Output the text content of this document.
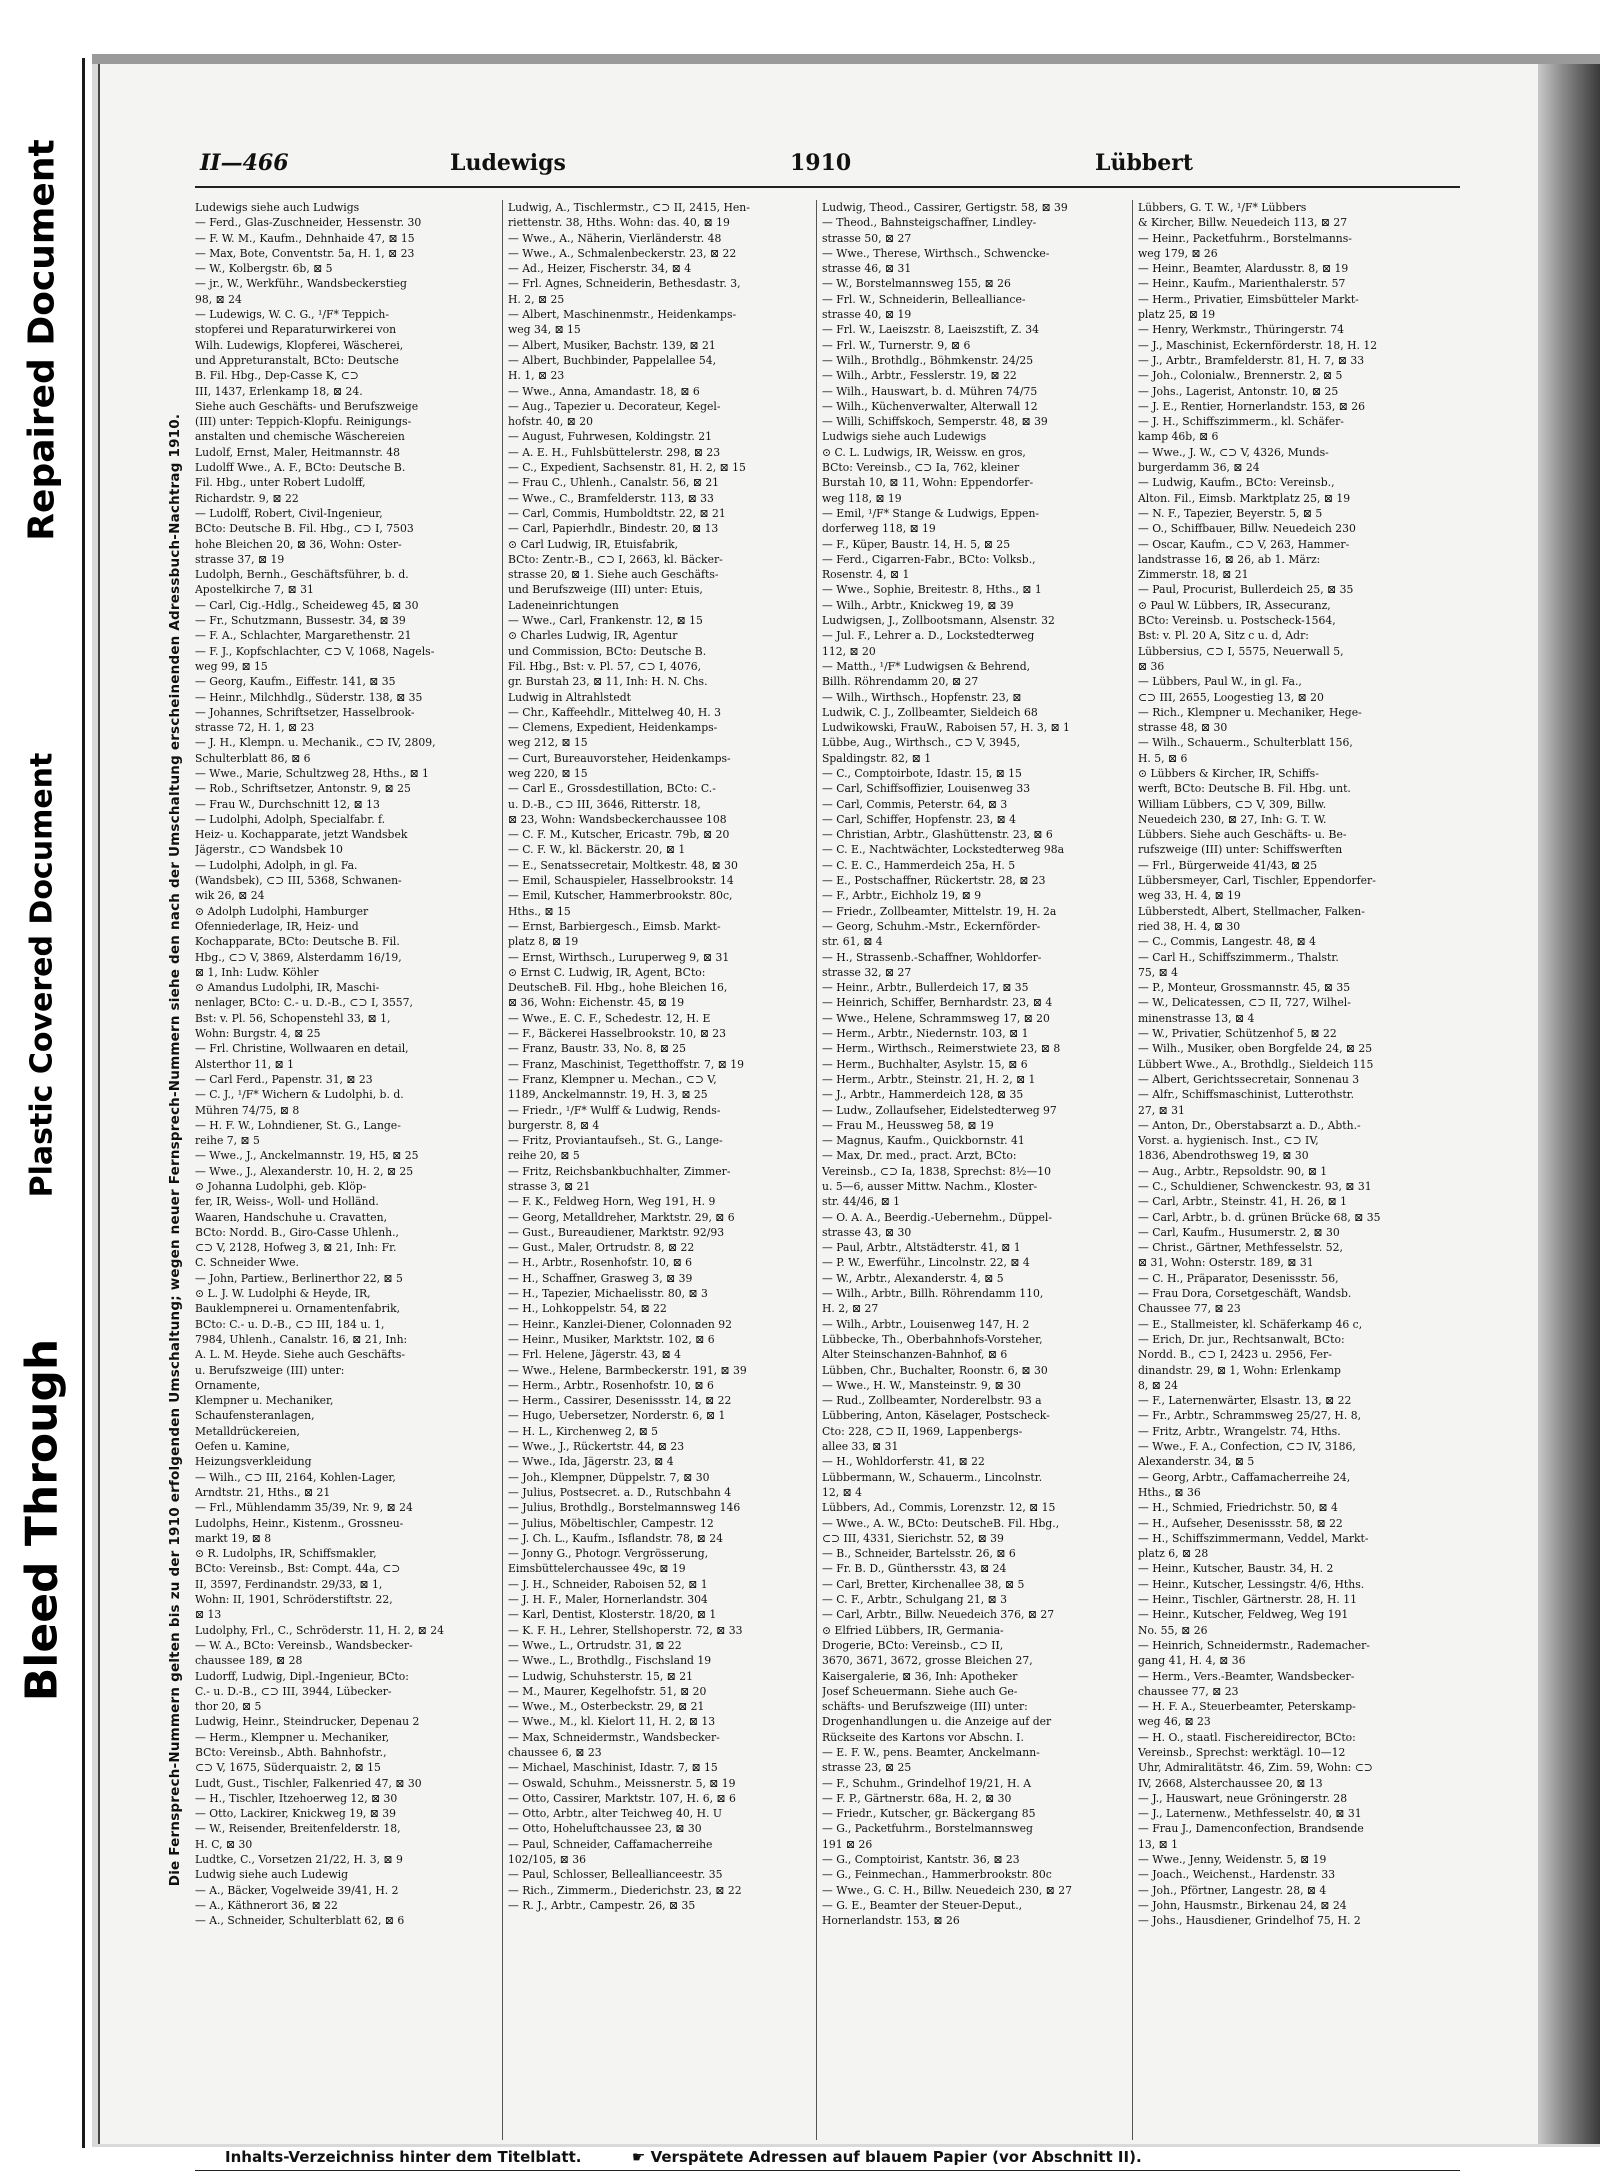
Repaired Document
Plastic Covered Document
Bleed Through
II—466	Ludewigs	1910	Lübbert
Die Fernsprech-Nummern gelten bis zu der 1910 erfolgenden Umschaltung; wegen neuer Fernsprech-Nummern siehe den nach der Umschaltung erscheinenden Adressbuch-Nachtrag 1910.
Ludewigs siehe auch Ludwigs
— Ferd., Glas-Zuschneider, Hessenstr. 30
— F. W. M., Kaufm., Dehnhaide 47, ⊠ 15
— Max, Bote, Conventstr. 5a, H. 1, ⊠ 23
— W., Kolbergstr. 6b, ⊠ 5
— jr., W., Werkführ., Wandsbeckerstieg
98, ⊠ 24
— Ludewigs, W. C. G., ¹/F* Teppich-
stopferei und Reparaturwirkerei von
Wilh. Ludewigs, Klopferei, Wäscherei,
und Appreturanstalt, BCto: Deutsche
B. Fil. Hbg., Dep-Casse K, ⊂⊃
III, 1437, Erlenkamp 18, ⊠ 24.
Siehe auch Geschäfts- und Berufszweige
(III) unter: Teppich-Klopfu. Reinigungs-
anstalten und chemische Wäschereien
Ludolf, Ernst, Maler, Heitmannstr. 48
Ludolff Wwe., A. F., BCto: Deutsche B.
Fil. Hbg., unter Robert Ludolff,
Richardstr. 9, ⊠ 22
— Ludolff, Robert, Civil-Ingenieur,
BCto: Deutsche B. Fil. Hbg., ⊂⊃ I, 7503
hohe Bleichen 20, ⊠ 36, Wohn: Oster-
strasse 37, ⊠ 19
Ludolph, Bernh., Geschäftsführer, b. d.
Apostelkirche 7, ⊠ 31
— Carl, Cig.-Hdlg., Scheideweg 45, ⊠ 30
— Fr., Schutzmann, Bussestr. 34, ⊠ 39
— F. A., Schlachter, Margarethenstr. 21
— F. J., Kopfschlachter, ⊂⊃ V, 1068, Nagels-
weg 99, ⊠ 15
— Georg, Kaufm., Eiffestr. 141, ⊠ 35
— Heinr., Milchhdlg., Süderstr. 138, ⊠ 35
— Johannes, Schriftsetzer, Hasselbrook-
strasse 72, H. 1, ⊠ 23
— J. H., Klempn. u. Mechanik., ⊂⊃ IV, 2809,
Schulterblatt 86, ⊠ 6
— Wwe., Marie, Schultzweg 28, Hths., ⊠ 1
— Rob., Schriftsetzer, Antonstr. 9, ⊠ 25
— Frau W., Durchschnitt 12, ⊠ 13
— Ludolphi, Adolph, Specialfabr. f.
Heiz- u. Kochapparate, jetzt Wandsbek
Jägerstr., ⊂⊃ Wandsbek 10
— Ludolphi, Adolph, in gl. Fa.
(Wandsbek), ⊂⊃ III, 5368, Schwanen-
wik 26, ⊠ 24
⊙ Adolph Ludolphi, Hamburger
Ofenniederlage, IR, Heiz- und
Kochapparate, BCto: Deutsche B. Fil.
Hbg., ⊂⊃ V, 3869, Alsterdamm 16/19,
⊠ 1, Inh: Ludw. Köhler
⊙ Amandus Ludolphi, IR, Maschi-
nenlager, BCto: C.- u. D.-B., ⊂⊃ I, 3557,
Bst: v. Pl. 56, Schopenstehl 33, ⊠ 1,
Wohn: Burgstr. 4, ⊠ 25
— Frl. Christine, Wollwaaren en detail,
Alsterthor 11, ⊠ 1
— Carl Ferd., Papenstr. 31, ⊠ 23
— C. J., ¹/F* Wichern & Ludolphi, b. d.
Mühren 74/75, ⊠ 8
— H. F. W., Lohndiener, St. G., Lange-
reihe 7, ⊠ 5
— Wwe., J., Anckelmannstr. 19, H5, ⊠ 25
— Wwe., J., Alexanderstr. 10, H. 2, ⊠ 25
⊙ Johanna Ludolphi, geb. Klöp-
fer, IR, Weiss-, Woll- und Holländ.
Waaren, Handschuhe u. Cravatten,
BCto: Nordd. B., Giro-Casse Uhlenh.,
⊂⊃ V, 2128, Hofweg 3, ⊠ 21, Inh: Fr.
C. Schneider Wwe.
— John, Partiew., Berlinerthor 22, ⊠ 5
⊙ L. J. W. Ludolphi & Heyde, IR,
Bauklempnerei u. Ornamentenfabrik,
BCto: C.- u. D.-B., ⊂⊃ III, 184 u. 1,
7984, Uhlenh., Canalstr. 16, ⊠ 21, Inh:
A. L. M. Heyde. Siehe auch Geschäfts-
u. Berufszweige (III) unter:
Ornamente,
Klempner u. Mechaniker,
Schaufensteranlagen,
Metalldrückereien,
Oefen u. Kamine,
Heizungsverkleidung
— Wilh., ⊂⊃ III, 2164, Kohlen-Lager,
Arndtstr. 21, Hths., ⊠ 21
— Frl., Mühlendamm 35/39, Nr. 9, ⊠ 24
Ludolphs, Heinr., Kistenm., Grossneu-
markt 19, ⊠ 8
⊙ R. Ludolphs, IR, Schiffsmakler,
BCto: Vereinsb., Bst: Compt. 44a, ⊂⊃
II, 3597, Ferdinandstr. 29/33, ⊠ 1,
Wohn: II, 1901, Schröderstiftstr. 22,
⊠ 13
Ludolphy, Frl., C., Schröderstr. 11, H. 2, ⊠ 24
— W. A., BCto: Vereinsb., Wandsbecker-
chaussee 189, ⊠ 28
Ludorff, Ludwig, Dipl.-Ingenieur, BCto:
C.- u. D.-B., ⊂⊃ III, 3944, Lübecker-
thor 20, ⊠ 5
Ludwig, Heinr., Steindrucker, Depenau 2
— Herm., Klempner u. Mechaniker,
BCto: Vereinsb., Abth. Bahnhofstr.,
⊂⊃ V, 1675, Süderquaistr. 2, ⊠ 15
Ludt, Gust., Tischler, Falkenried 47, ⊠ 30
— H., Tischler, Itzehoerweg 12, ⊠ 30
— Otto, Lackirer, Knickweg 19, ⊠ 39
— W., Reisender, Breitenfelderstr. 18,
H. C, ⊠ 30
Ludtke, C., Vorsetzen 21/22, H. 3, ⊠ 9
Ludwig siehe auch Ludewig
— A., Bäcker, Vogelweide 39/41, H. 2
— A., Käthnerort 36, ⊠ 22
— A., Schneider, Schulterblatt 62, ⊠ 6
Ludwig, A., Tischlermstr., ⊂⊃ II, 2415, Hen-
riettenstr. 38, Hths. Wohn: das. 40, ⊠ 19
— Wwe., A., Näherin, Vierländerstr. 48
— Wwe., A., Schmalenbeckerstr. 23, ⊠ 22
— Ad., Heizer, Fischerstr. 34, ⊠ 4
— Frl. Agnes, Schneiderin, Bethesdastr. 3,
H. 2, ⊠ 25
— Albert, Maschinenmstr., Heidenkamps-
weg 34, ⊠ 15
— Albert, Musiker, Bachstr. 139, ⊠ 21
— Albert, Buchbinder, Pappelallee 54,
H. 1, ⊠ 23
— Wwe., Anna, Amandastr. 18, ⊠ 6
— Aug., Tapezier u. Decorateur, Kegel-
hofstr. 40, ⊠ 20
— August, Fuhrwesen, Koldingstr. 21
— A. E. H., Fuhlsbüttelerstr. 298, ⊠ 23
— C., Expedient, Sachsenstr. 81, H. 2, ⊠ 15
— Frau C., Uhlenh., Canalstr. 56, ⊠ 21
— Wwe., C., Bramfelderstr. 113, ⊠ 33
— Carl, Commis, Humboldtstr. 22, ⊠ 21
— Carl, Papierhdlr., Bindestr. 20, ⊠ 13
⊙ Carl Ludwig, IR, Etuisfabrik,
BCto: Zentr.-B., ⊂⊃ I, 2663, kl. Bäcker-
strasse 20, ⊠ 1. Siehe auch Geschäfts-
und Berufszweige (III) unter: Etuis,
Ladeneinrichtungen
— Wwe., Carl, Frankenstr. 12, ⊠ 15
⊙ Charles Ludwig, IR, Agentur
und Commission, BCto: Deutsche B.
Fil. Hbg., Bst: v. Pl. 57, ⊂⊃ I, 4076,
gr. Burstah 23, ⊠ 11, Inh: H. N. Chs.
Ludwig in Altrahlstedt
— Chr., Kaffeehdlr., Mittelweg 40, H. 3
— Clemens, Expedient, Heidenkamps-
weg 212, ⊠ 15
— Curt, Bureauvorsteher, Heidenkamps-
weg 220, ⊠ 15
— Carl E., Grossdestillation, BCto: C.-
u. D.-B., ⊂⊃ III, 3646, Ritterstr. 18,
⊠ 23, Wohn: Wandsbeckerchaussee 108
— C. F. M., Kutscher, Ericastr. 79b, ⊠ 20
— C. F. W., kl. Bäckerstr. 20, ⊠ 1
— E., Senatssecretair, Moltkestr. 48, ⊠ 30
— Emil, Schauspieler, Hasselbrookstr. 14
— Emil, Kutscher, Hammerbrookstr. 80c,
Hths., ⊠ 15
— Ernst, Barbiergesch., Eimsb. Markt-
platz 8, ⊠ 19
— Ernst, Wirthsch., Luruperweg 9, ⊠ 31
⊙ Ernst C. Ludwig, IR, Agent, BCto:
DeutscheB. Fil. Hbg., hohe Bleichen 16,
⊠ 36, Wohn: Eichenstr. 45, ⊠ 19
— Wwe., E. C. F., Schedestr. 12, H. E
— F., Bäckerei Hasselbrookstr. 10, ⊠ 23
— Franz, Baustr. 33, No. 8, ⊠ 25
— Franz, Maschinist, Tegetthoffstr. 7, ⊠ 19
— Franz, Klempner u. Mechan., ⊂⊃ V,
1189, Anckelmannstr. 19, H. 3, ⊠ 25
— Friedr., ¹/F* Wulff & Ludwig, Rends-
burgerstr. 8, ⊠ 4
— Fritz, Proviantaufseh., St. G., Lange-
reihe 20, ⊠ 5
— Fritz, Reichsbankbuchhalter, Zimmer-
strasse 3, ⊠ 21
— F. K., Feldweg Horn, Weg 191, H. 9
— Georg, Metalldreher, Marktstr. 29, ⊠ 6
— Gust., Bureaudiener, Marktstr. 92/93
— Gust., Maler, Ortrudstr. 8, ⊠ 22
— H., Arbtr., Rosenhofstr. 10, ⊠ 6
— H., Schaffner, Grasweg 3, ⊠ 39
— H., Tapezier, Michaelisstr. 80, ⊠ 3
— H., Lohkoppelstr. 54, ⊠ 22
— Heinr., Kanzlei-Diener, Colonnaden 92
— Heinr., Musiker, Marktstr. 102, ⊠ 6
— Frl. Helene, Jägerstr. 43, ⊠ 4
— Wwe., Helene, Barmbeckerstr. 191, ⊠ 39
— Herm., Arbtr., Rosenhofstr. 10, ⊠ 6
— Herm., Cassirer, Desenissstr. 14, ⊠ 22
— Hugo, Uebersetzer, Norderstr. 6, ⊠ 1
— H. L., Kirchenweg 2, ⊠ 5
— Wwe., J., Rückertstr. 44, ⊠ 23
— Wwe., Ida, Jägerstr. 23, ⊠ 4
— Joh., Klempner, Düppelstr. 7, ⊠ 30
— Julius, Postsecret. a. D., Rutschbahn 4
— Julius, Brothdlg., Borstelmannsweg 146
— Julius, Möbeltischler, Campestr. 12
— J. Ch. L., Kaufm., Isflandstr. 78, ⊠ 24
— Jonny G., Photogr. Vergrösserung,
Eimsbüttelerchaussee 49c, ⊠ 19
— J. H., Schneider, Raboisen 52, ⊠ 1
— J. H. F., Maler, Hornerlandstr. 304
— Karl, Dentist, Klosterstr. 18/20, ⊠ 1
— K. F. H., Lehrer, Stellshoperstr. 72, ⊠ 33
— Wwe., L., Ortrudstr. 31, ⊠ 22
— Wwe., L., Brothdlg., Fischsland 19
— Ludwig, Schuhsterstr. 15, ⊠ 21
— M., Maurer, Kegelhofstr. 51, ⊠ 20
— Wwe., M., Osterbeckstr. 29, ⊠ 21
— Wwe., M., kl. Kielort 11, H. 2, ⊠ 13
— Max, Schneidermstr., Wandsbecker-
chaussee 6, ⊠ 23
— Michael, Maschinist, Idastr. 7, ⊠ 15
— Oswald, Schuhm., Meissnerstr. 5, ⊠ 19
— Otto, Cassirer, Marktstr. 107, H. 6, ⊠ 6
— Otto, Arbtr., alter Teichweg 40, H. U
— Otto, Hoheluftchaussee 23, ⊠ 30
— Paul, Schneider, Caffamacherreihe
102/105, ⊠ 36
— Paul, Schlosser, Belleallianceestr. 35
— Rich., Zimmerm., Diederichstr. 23, ⊠ 22
— R. J., Arbtr., Campestr. 26, ⊠ 35
Ludwig, Theod., Cassirer, Gertigstr. 58, ⊠ 39
— Theod., Bahnsteigschaffner, Lindley-
strasse 50, ⊠ 27
— Wwe., Therese, Wirthsch., Schwencke-
strasse 46, ⊠ 31
— W., Borstelmannsweg 155, ⊠ 26
— Frl. W., Schneiderin, Bellealliance-
strasse 40, ⊠ 19
— Frl. W., Laeiszstr. 8, Laeiszstift, Z. 34
— Frl. W., Turnerstr. 9, ⊠ 6
— Wilh., Brothdlg., Böhmkenstr. 24/25
— Wilh., Arbtr., Fesslerstr. 19, ⊠ 22
— Wilh., Hauswart, b. d. Mühren 74/75
— Wilh., Küchenverwalter, Alterwall 12
— Willi, Schiffskoch, Semperstr. 48, ⊠ 39
Ludwigs siehe auch Ludewigs
⊙ C. L. Ludwigs, IR, Weissw. en gros,
BCto: Vereinsb., ⊂⊃ Ia, 762, kleiner
Burstah 10, ⊠ 11, Wohn: Eppendorfer-
weg 118, ⊠ 19
— Emil, ¹/F* Stange & Ludwigs, Eppen-
dorferweg 118, ⊠ 19
— F., Küper, Baustr. 14, H. 5, ⊠ 25
— Ferd., Cigarren-Fabr., BCto: Volksb.,
Rosenstr. 4, ⊠ 1
— Wwe., Sophie, Breitestr. 8, Hths., ⊠ 1
— Wilh., Arbtr., Knickweg 19, ⊠ 39
Ludwigsen, J., Zollbootsmann, Alsenstr. 32
— Jul. F., Lehrer a. D., Lockstedterweg
112, ⊠ 20
— Matth., ¹/F* Ludwigsen & Behrend,
Billh. Röhrendamm 20, ⊠ 27
— Wilh., Wirthsch., Hopfenstr. 23, ⊠
Ludwik, C. J., Zollbeamter, Sieldeich 68
Ludwikowski, FrauW., Raboisen 57, H. 3, ⊠ 1
Lübbe, Aug., Wirthsch., ⊂⊃ V, 3945,
Spaldingstr. 82, ⊠ 1
— C., Comptoirbote, Idastr. 15, ⊠ 15
— Carl, Schiffsoffizier, Louisenweg 33
— Carl, Commis, Peterstr. 64, ⊠ 3
— Carl, Schiffer, Hopfenstr. 23, ⊠ 4
— Christian, Arbtr., Glashüttenstr. 23, ⊠ 6
— C. E., Nachtwächter, Lockstedterweg 98a
— C. E. C., Hammerdeich 25a, H. 5
— E., Postschaffner, Rückertstr. 28, ⊠ 23
— F., Arbtr., Eichholz 19, ⊠ 9
— Friedr., Zollbeamter, Mittelstr. 19, H. 2a
— Georg, Schuhm.-Mstr., Eckernförder-
str. 61, ⊠ 4
— H., Strassenb.-Schaffner, Wohldorfer-
strasse 32, ⊠ 27
— Heinr., Arbtr., Bullerdeich 17, ⊠ 35
— Heinrich, Schiffer, Bernhardstr. 23, ⊠ 4
— Wwe., Helene, Schrammsweg 17, ⊠ 20
— Herm., Arbtr., Niedernstr. 103, ⊠ 1
— Herm., Wirthsch., Reimerstwiete 23, ⊠ 8
— Herm., Buchhalter, Asylstr. 15, ⊠ 6
— Herm., Arbtr., Steinstr. 21, H. 2, ⊠ 1
— J., Arbtr., Hammerdeich 128, ⊠ 35
— Ludw., Zollaufseher, Eidelstedterweg 97
— Frau M., Heussweg 58, ⊠ 19
— Magnus, Kaufm., Quickbornstr. 41
— Max, Dr. med., pract. Arzt, BCto:
Vereinsb., ⊂⊃ Ia, 1838, Sprechst: 8½—10
u. 5—6, ausser Mittw. Nachm., Kloster-
str. 44/46, ⊠ 1
— O. A. A., Beerdig.-Uebernehm., Düppel-
strasse 43, ⊠ 30
— Paul, Arbtr., Altstädterstr. 41, ⊠ 1
— P. W., Ewerführ., Lincolnstr. 22, ⊠ 4
— W., Arbtr., Alexanderstr. 4, ⊠ 5
— Wilh., Arbtr., Billh. Röhrendamm 110,
H. 2, ⊠ 27
— Wilh., Arbtr., Louisenweg 147, H. 2
Lübbecke, Th., Oberbahnhofs-Vorsteher,
Alter Steinschanzen-Bahnhof, ⊠ 6
Lübben, Chr., Buchalter, Roonstr. 6, ⊠ 30
— Wwe., H. W., Mansteinstr. 9, ⊠ 30
— Rud., Zollbeamter, Norderelbstr. 93 a
Lübbering, Anton, Käselager, Postscheck-
Cto: 228, ⊂⊃ II, 1969, Lappenbergs-
allee 33, ⊠ 31
— H., Wohldorferstr. 41, ⊠ 22
Lübbermann, W., Schauerm., Lincolnstr.
12, ⊠ 4
Lübbers, Ad., Commis, Lorenzstr. 12, ⊠ 15
— Wwe., A. W., BCto: DeutscheB. Fil. Hbg.,
⊂⊃ III, 4331, Sierichstr. 52, ⊠ 39
— B., Schneider, Bartelsstr. 26, ⊠ 6
— Fr. B. D., Günthersstr. 43, ⊠ 24
— Carl, Bretter, Kirchenallee 38, ⊠ 5
— C. F., Arbtr., Schulgang 21, ⊠ 3
— Carl, Arbtr., Billw. Neuedeich 376, ⊠ 27
⊙ Elfried Lübbers, IR, Germania-
Drogerie, BCto: Vereinsb., ⊂⊃ II,
3670, 3671, 3672, grosse Bleichen 27,
Kaisergalerie, ⊠ 36, Inh: Apotheker
Josef Scheuermann. Siehe auch Ge-
schäfts- und Berufszweige (III) unter:
Drogenhandlungen u. die Anzeige auf der
Rückseite des Kartons vor Abschn. I.
— E. F. W., pens. Beamter, Anckelmann-
strasse 23, ⊠ 25
— F., Schuhm., Grindelhof 19/21, H. A
— F. P., Gärtnerstr. 68a, H. 2, ⊠ 30
— Friedr., Kutscher, gr. Bäckergang 85
— G., Packetfuhrm., Borstelmannsweg
191 ⊠ 26
— G., Comptoirist, Kantstr. 36, ⊠ 23
— G., Feinmechan., Hammerbrookstr. 80c
— Wwe., G. C. H., Billw. Neuedeich 230, ⊠ 27
— G. E., Beamter der Steuer-Deput.,
Hornerlandstr. 153, ⊠ 26
Lübbers, G. T. W., ¹/F* Lübbers
& Kircher, Billw. Neuedeich 113, ⊠ 27
— Heinr., Packetfuhrm., Borstelmanns-
weg 179, ⊠ 26
— Heinr., Beamter, Alardusstr. 8, ⊠ 19
— Heinr., Kaufm., Marienthalerstr. 57
— Herm., Privatier, Eimsbütteler Markt-
platz 25, ⊠ 19
— Henry, Werkmstr., Thüringerstr. 74
— J., Maschinist, Eckernförderstr. 18, H. 12
— J., Arbtr., Bramfelderstr. 81, H. 7, ⊠ 33
— Joh., Colonialw., Brennerstr. 2, ⊠ 5
— Johs., Lagerist, Antonstr. 10, ⊠ 25
— J. E., Rentier, Hornerlandstr. 153, ⊠ 26
— J. H., Schiffszimmerm., kl. Schäfer-
kamp 46b, ⊠ 6
— Wwe., J. W., ⊂⊃ V, 4326, Munds-
burgerdamm 36, ⊠ 24
— Ludwig, Kaufm., BCto: Vereinsb.,
Alton. Fil., Eimsb. Marktplatz 25, ⊠ 19
— N. F., Tapezier, Beyerstr. 5, ⊠ 5
— O., Schiffbauer, Billw. Neuedeich 230
— Oscar, Kaufm., ⊂⊃ V, 263, Hammer-
landstrasse 16, ⊠ 26, ab 1. März:
Zimmerstr. 18, ⊠ 21
— Paul, Procurist, Bullerdeich 25, ⊠ 35
⊙ Paul W. Lübbers, IR, Assecuranz,
BCto: Vereinsb. u. Postscheck-1564,
Bst: v. Pl. 20 A, Sitz c u. d, Adr:
Lübbersius, ⊂⊃ I, 5575, Neuerwall 5,
⊠ 36
— Lübbers, Paul W., in gl. Fa.,
⊂⊃ III, 2655, Loogestieg 13, ⊠ 20
— Rich., Klempner u. Mechaniker, Hege-
strasse 48, ⊠ 30
— Wilh., Schauerm., Schulterblatt 156,
H. 5, ⊠ 6
⊙ Lübbers & Kircher, IR, Schiffs-
werft, BCto: Deutsche B. Fil. Hbg. unt.
William Lübbers, ⊂⊃ V, 309, Billw.
Neuedeich 230, ⊠ 27, Inh: G. T. W.
Lübbers. Siehe auch Geschäfts- u. Be-
rufszweige (III) unter: Schiffswerften
— Frl., Bürgerweide 41/43, ⊠ 25
Lübbersmeyer, Carl, Tischler, Eppendorfer-
weg 33, H. 4, ⊠ 19
Lübberstedt, Albert, Stellmacher, Falken-
ried 38, H. 4, ⊠ 30
— C., Commis, Langestr. 48, ⊠ 4
— Carl H., Schiffszimmerm., Thalstr.
75, ⊠ 4
— P., Monteur, Grossmannstr. 45, ⊠ 35
— W., Delicatessen, ⊂⊃ II, 727, Wilhel-
minenstrasse 13, ⊠ 4
— W., Privatier, Schützenhof 5, ⊠ 22
— Wilh., Musiker, oben Borgfelde 24, ⊠ 25
Lübbert Wwe., A., Brothdlg., Sieldeich 115
— Albert, Gerichtssecretair, Sonnenau 3
— Alfr., Schiffsmaschinist, Lutterothstr.
27, ⊠ 31
— Anton, Dr., Oberstabsarzt a. D., Abth.-
Vorst. a. hygienisch. Inst., ⊂⊃ IV,
1836, Abendrothsweg 19, ⊠ 30
— Aug., Arbtr., Repsoldstr. 90, ⊠ 1
— C., Schuldiener, Schwenckestr. 93, ⊠ 31
— Carl, Arbtr., Steinstr. 41, H. 26, ⊠ 1
— Carl, Arbtr., b. d. grünen Brücke 68, ⊠ 35
— Carl, Kaufm., Husumerstr. 2, ⊠ 30
— Christ., Gärtner, Methfesselstr. 52,
⊠ 31, Wohn: Osterstr. 189, ⊠ 31
— C. H., Präparator, Desenissstr. 56,
— Frau Dora, Corsetgeschäft, Wandsb.
Chaussee 77, ⊠ 23
— E., Stallmeister, kl. Schäferkamp 46 c,
— Erich, Dr. jur., Rechtsanwalt, BCto:
Nordd. B., ⊂⊃ I, 2423 u. 2956, Fer-
dinandstr. 29, ⊠ 1, Wohn: Erlenkamp
8, ⊠ 24
— F., Laternenwärter, Elsastr. 13, ⊠ 22
— Fr., Arbtr., Schrammsweg 25/27, H. 8,
— Fritz, Arbtr., Wrangelstr. 74, Hths.
— Wwe., F. A., Confection, ⊂⊃ IV, 3186,
Alexanderstr. 34, ⊠ 5
— Georg, Arbtr., Caffamacherreihe 24,
Hths., ⊠ 36
— H., Schmied, Friedrichstr. 50, ⊠ 4
— H., Aufseher, Desenissstr. 58, ⊠ 22
— H., Schiffszimmermann, Veddel, Markt-
platz 6, ⊠ 28
— Heinr., Kutscher, Baustr. 34, H. 2
— Heinr., Kutscher, Lessingstr. 4/6, Hths.
— Heinr., Tischler, Gärtnerstr. 28, H. 11
— Heinr., Kutscher, Feldweg, Weg 191
No. 55, ⊠ 26
— Heinrich, Schneidermstr., Rademacher-
gang 41, H. 4, ⊠ 36
— Herm., Vers.-Beamter, Wandsbecker-
chaussee 77, ⊠ 23
— H. F. A., Steuerbeamter, Peterskamp-
weg 46, ⊠ 23
— H. O., staatl. Fischereidirector, BCto:
Vereinsb., Sprechst: werktägl. 10—12
Uhr, Admiralitätstr. 46, Zim. 59, Wohn: ⊂⊃
IV, 2668, Alsterchaussee 20, ⊠ 13
— J., Hauswart, neue Gröningerstr. 28
— J., Laternenw., Methfesselstr. 40, ⊠ 31
— Frau J., Damenconfection, Brandsende
13, ⊠ 1
— Wwe., Jenny, Weidenstr. 5, ⊠ 19
— Joach., Weichenst., Hardenstr. 33
— Joh., Pförtner, Langestr. 28, ⊠ 4
— John, Hausmstr., Birkenau 24, ⊠ 24
— Johs., Hausdiener, Grindelhof 75, H. 2
Inhalts-Verzeichniss hinter dem Titelblatt.	☛ Verspätete Adressen auf blauem Papier (vor Abschnitt II).
